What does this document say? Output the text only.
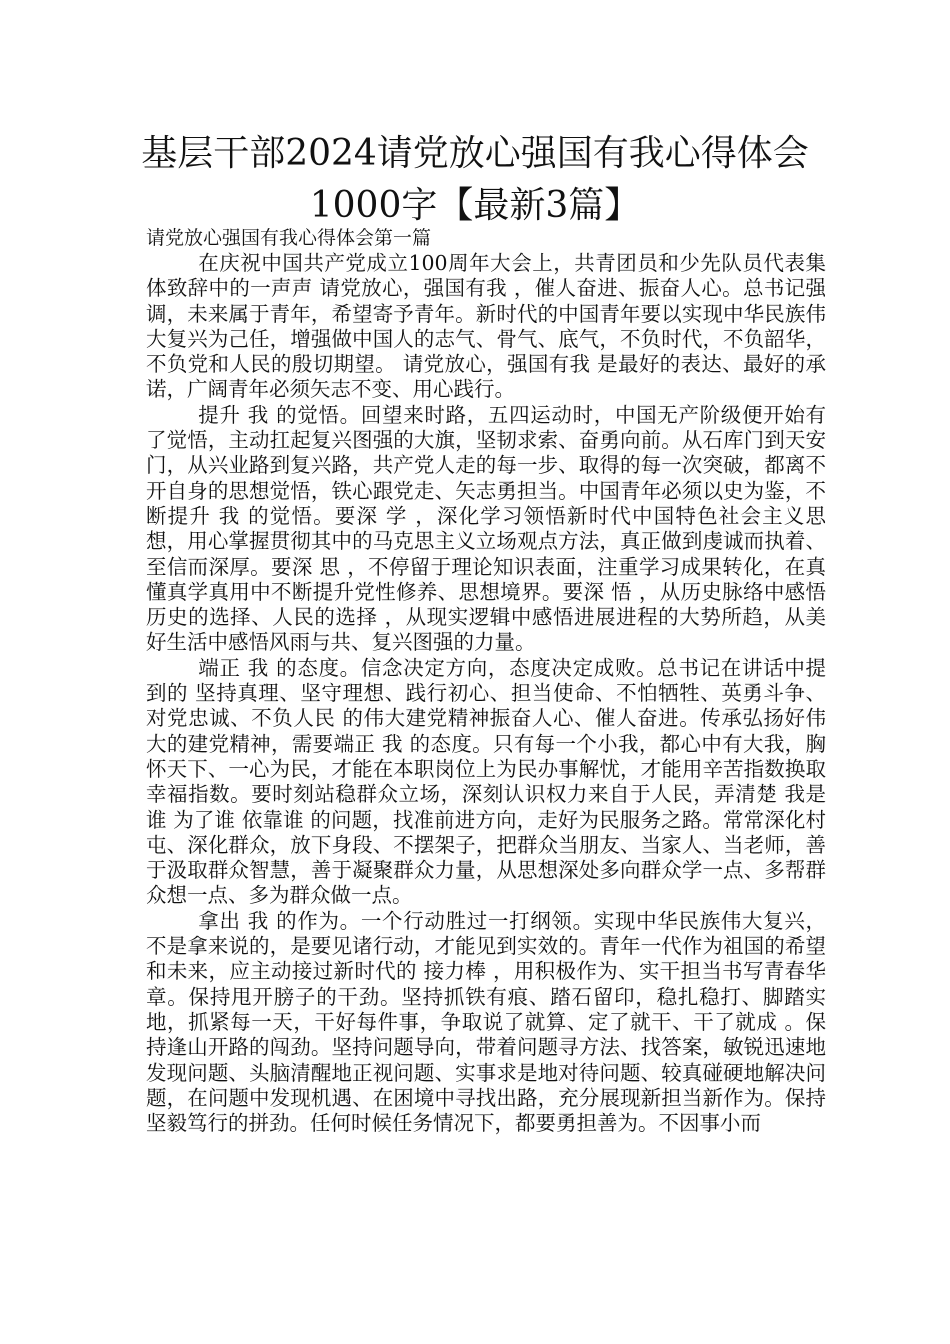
基层干部2024请党放心强国有我心得体会
1000字【最新3篇】
请党放心强国有我心得体会第一篇

在庆祝中国共产党成立100周年大会上，共青团员和少先队员代表集体致辞中的一声声 请党放心，强国有我 ，催人奋进、振奋人心。总书记强调，未来属于青年，希望寄予青年。新时代的中国青年要以实现中华民族伟大复兴为己任，增强做中国人的志气、骨气、底气，不负时代，不负韶华，不负党和人民的殷切期望。 请党放心，强国有我 是最好的表达、最好的承诺，广阔青年必须矢志不变、用心践行。

提升 我 的觉悟。回望来时路，五四运动时，中国无产阶级便开始有了觉悟，主动扛起复兴图强的大旗，坚韧求索、奋勇向前。从石库门到天安门，从兴业路到复兴路，共产党人走的每一步、取得的每一次突破，都离不开自身的思想觉悟，铁心跟党走、矢志勇担当。中国青年必须以史为鉴，不断提升 我 的觉悟。要深 学 ，深化学习领悟新时代中国特色社会主义思想，用心掌握贯彻其中的马克思主义立场观点方法，真正做到虔诚而执着、至信而深厚。要深 思 ，不停留于理论知识表面，注重学习成果转化，在真懂真学真用中不断提升党性修养、思想境界。要深 悟 ，从历史脉络中感悟 历史的选择、人民的选择 ，从现实逻辑中感悟进展进程的大势所趋，从美好生活中感悟风雨与共、复兴图强的力量。

端正 我 的态度。信念决定方向，态度决定成败。总书记在讲话中提到的 坚持真理、坚守理想、践行初心、担当使命、不怕牺牲、英勇斗争、对党忠诚、不负人民 的伟大建党精神振奋人心、催人奋进。传承弘扬好伟大的建党精神，需要端正 我 的态度。只有每一个小我，都心中有大我，胸怀天下、一心为民，才能在本职岗位上为民办事解忧，才能用辛苦指数换取幸福指数。要时刻站稳群众立场，深刻认识权力来自于人民，弄清楚 我是谁 为了谁 依靠谁 的问题，找准前进方向，走好为民服务之路。常常深化村屯、深化群众，放下身段、不摆架子，把群众当朋友、当家人、当老师，善于汲取群众智慧，善于凝聚群众力量，从思想深处多向群众学一点、多帮群众想一点、多为群众做一点。

拿出 我 的作为。一个行动胜过一打纲领。实现中华民族伟大复兴，不是拿来说的，是要见诸行动，才能见到实效的。青年一代作为祖国的希望和未来，应主动接过新时代的 接力棒 ，用积极作为、实干担当书写青春华章。保持甩开膀子的干劲。坚持抓铁有痕、踏石留印，稳扎稳打、脚踏实地，抓紧每一天，干好每件事，争取说了就算、定了就干、干了就成 。保持逢山开路的闯劲。坚持问题导向，带着问题寻方法、找答案，敏锐迅速地发现问题、头脑清醒地正视问题、实事求是地对待问题、较真碰硬地解决问题，在问题中发现机遇、在困境中寻找出路，充分展现新担当新作为。保持坚毅笃行的拼劲。任何时候任务情况下，都要勇担善为。不因事小而
